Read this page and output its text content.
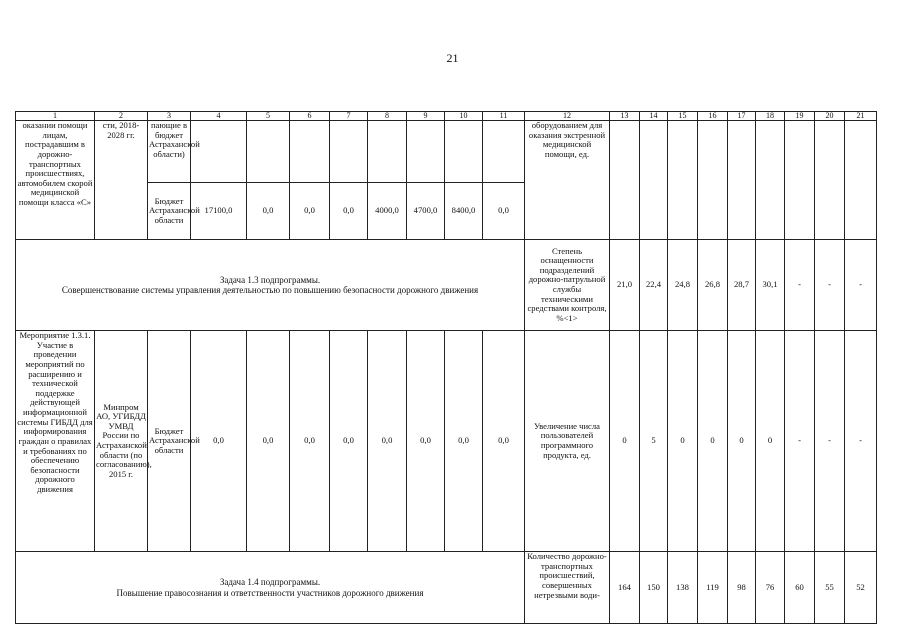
21
1	2	3	4	5	6	7	8	9	10	11	12	13	14	15	16	17	18	19	20	21
оказании помощи лицам, пострадавшим в дорожно-транспортных происшествиях, автомобилем скорой медицинской помощи класса «С»	сти, 2018-2028 гг.	пающие в бюджет Астраханской области)									оборудованием для оказания экстренной медицинской помощи, ед.									
		Бюджет Астраханской области	17100,0	0,0	0,0	0,0	4000,0	4700,0	8400,0	0,0										

Задача 1.3 подпрограммы.
Совершенствование системы управления деятельностью по повышению безопасности дорожного движения											Степень оснащенности подразделений дорожно-патрульной службы техническими средствами контроля, %<1>	21,0	22,4	24,8	26,8	28,7	30,1	-	-	-
Мероприятие 1.3.1. Участие в проведении мероприятий по расширению и технической поддержке действующей информационной системы ГИБДД для информирования граждан о правилах и требованиях по обеспечению безопасности дорожного движения	Минпром АО, УГИБДД УМВД России по Астраханской области (по согласованию), 2015 г.	Бюджет Астраханской области	0,0	0,0	0,0	0,0	0,0	0,0	0,0	0,0	Увеличение числа пользователей программного продукта, ед.	0	5	0	0	0	0	-	-	-

Задача 1.4 подпрограммы.
Повышение правосознания и ответственности участников дорожного движения											Количество дорожно-транспортных происшествий, совершенных нетрезвыми води-	164	150	138	119	98	76	60	55	52
